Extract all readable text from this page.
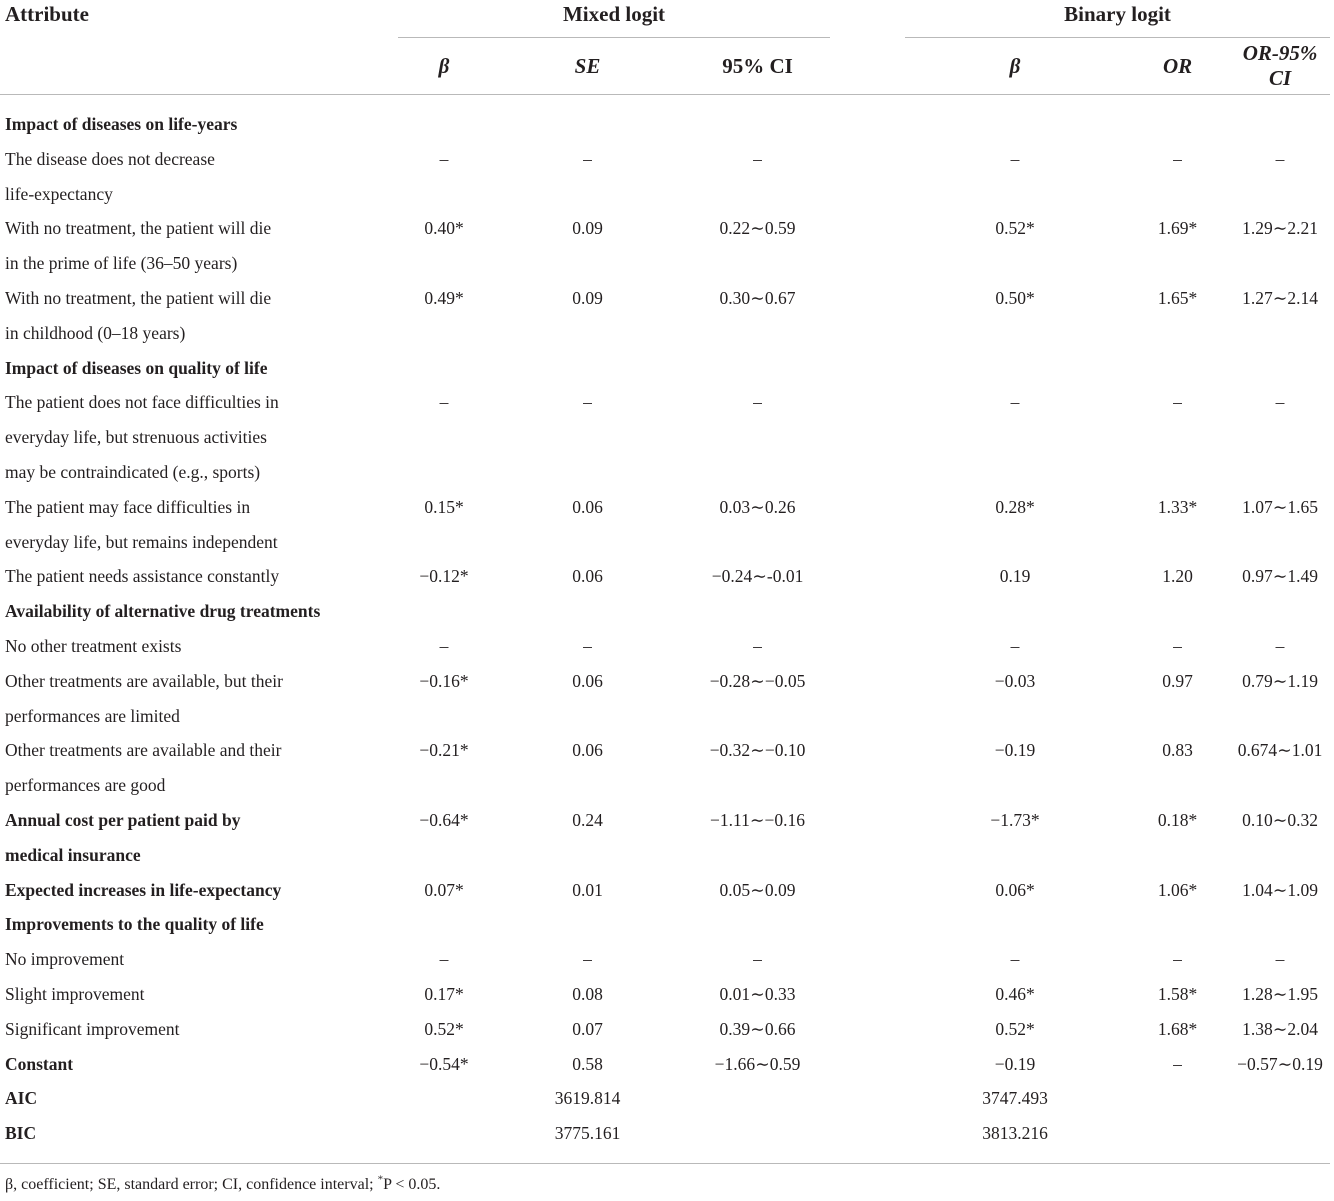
Attribute	Mixed logit				Binary logit		

	β	SE	95% CI		β	OR	OR-95% CI

Impact of diseases on life-years							

The disease does not decrease
life-expectancy	–	–	–		–	–	–

With no treatment, the patient will die
in the prime of life (36–50 years)	0.40*	0.09	0.22∼0.59		0.52*	1.69*	1.29∼2.21

With no treatment, the patient will die
in childhood (0–18 years)	0.49*	0.09	0.30∼0.67		0.50*	1.65*	1.27∼2.14

Impact of diseases on quality of life							

The patient does not face difficulties in
everyday life, but strenuous activities
may be contraindicated (e.g., sports)	–	–	–		–	–	–

The patient may face difficulties in
everyday life, but remains independent	0.15*	0.06	0.03∼0.26		0.28*	1.33*	1.07∼1.65

The patient needs assistance constantly	−0.12*	0.06	−0.24∼-0.01		0.19	1.20	0.97∼1.49

Availability of alternative drug treatments							

No other treatment exists	–	–	–		–	–	–

Other treatments are available, but their
performances are limited	−0.16*	0.06	−0.28∼−0.05		−0.03	0.97	0.79∼1.19

Other treatments are available and their
performances are good	−0.21*	0.06	−0.32∼−0.10		−0.19	0.83	0.674∼1.01

Annual cost per patient paid by
medical insurance	−0.64*	0.24	−1.11∼−0.16		−1.73*	0.18*	0.10∼0.32

Expected increases in life-expectancy	0.07*	0.01	0.05∼0.09		0.06*	1.06*	1.04∼1.09

Improvements to the quality of life							

No improvement	–	–	–		–	–	–

Slight improvement	0.17*	0.08	0.01∼0.33		0.46*	1.58*	1.28∼1.95

Significant improvement	0.52*	0.07	0.39∼0.66		0.52*	1.68*	1.38∼2.04

Constant	−0.54*	0.58	−1.66∼0.59		−0.19	–	−0.57∼0.19
AIC		3619.814			3747.493		
BIC		3775.161			3813.216		
β, coefficient; SE, standard error; CI, confidence interval; *P < 0.05.
